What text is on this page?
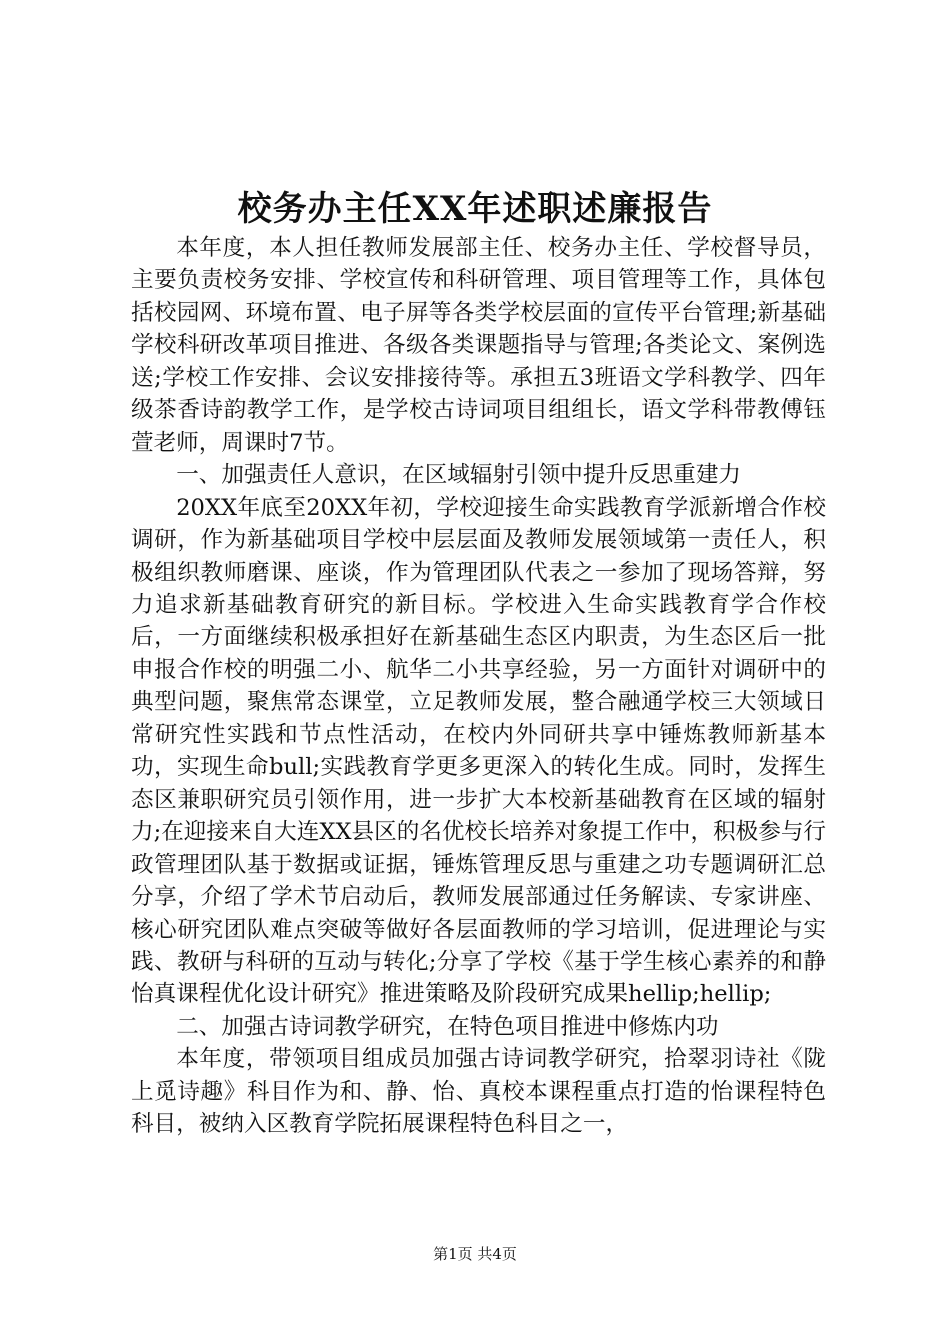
校务办主任XX年述职述廉报告

本年度，本人担任教师发展部主任、校务办主任、学校督导员，主要负责校务安排、学校宣传和科研管理、项目管理等工作，具体包括校园网、环境布置、电子屏等各类学校层面的宣传平台管理;新基础学校科研改革项目推进、各级各类课题指导与管理;各类论文、案例选送;学校工作安排、会议安排接待等。承担五3班语文学科教学、四年级茶香诗韵教学工作，是学校古诗词项目组组长，语文学科带教傅钰萱老师，周课时7节。

一、加强责任人意识，在区域辐射引领中提升反思重建力

20XX年底至20XX年初，学校迎接生命实践教育学派新增合作校调研，作为新基础项目学校中层层面及教师发展领域第一责任人，积极组织教师磨课、座谈，作为管理团队代表之一参加了现场答辩，努力追求新基础教育研究的新目标。学校进入生命实践教育学合作校后，一方面继续积极承担好在新基础生态区内职责，为生态区后一批申报合作校的明强二小、航华二小共享经验，另一方面针对调研中的典型问题，聚焦常态课堂，立足教师发展，整合融通学校三大领域日常研究性实践和节点性活动，在校内外同研共享中锤炼教师新基本功，实现生命bull;实践教育学更多更深入的转化生成。同时，发挥生态区兼职研究员引领作用，进一步扩大本校新基础教育在区域的辐射力;在迎接来自大连XX县区的名优校长培养对象提工作中，积极参与行政管理团队基于数据或证据，锤炼管理反思与重建之功专题调研汇总分享，介绍了学术节启动后，教师发展部通过任务解读、专家讲座、核心研究团队难点突破等做好各层面教师的学习培训，促进理论与实践、教研与科研的互动与转化;分享了学校《基于学生核心素养的和静怡真课程优化设计研究》推进策略及阶段研究成果hellip;hellip;

二、加强古诗词教学研究，在特色项目推进中修炼内功

本年度，带领项目组成员加强古诗词教学研究，拾翠羽诗社《陇上觅诗趣》科目作为和、静、怡、真校本课程重点打造的怡课程特色科目，被纳入区教育学院拓展课程特色科目之一，

第1页 共4页
